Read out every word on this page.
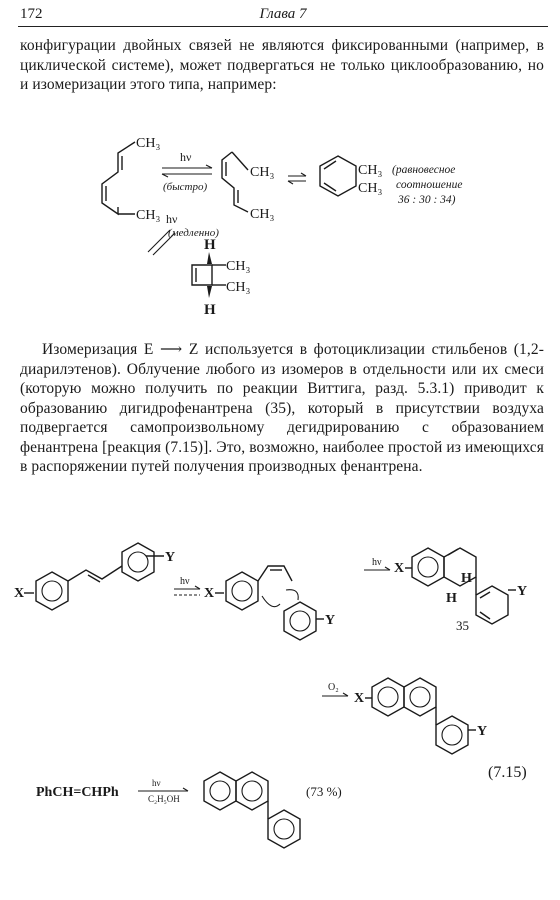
172	Глава 7
конфигурации двойных связей не являются фиксированными (например, в циклической системе), может подвергаться не только циклообразованию, но и изомеризации этого типа, например:
Изомеризация E ⟶ Z используется в фотоциклизации стильбенов (1,2-диарилэтенов). Облучение любого из изомеров в отдельности или их смеси (которую можно получить по реакции Виттига, разд. 5.3.1) приводит к образованию дигидрофенантрена (35), который в присутствии воздуха подвергается самопроизвольному дегидрированию с образованием фенантрена [реакция (7.15)]. Это, возможно, наиболее простой из имеющихся в распоряжении путей получения производных фенантрена.
CH₃
CH₃
hν
(быстро)
CH₃
CH₃
CH₃
CH₃
(равновесное
соотношение
36 : 30 : 34)
hν
(медленно)
H
CH₃
CH₃
H
X
Y
hν
X
Y
hν X
Y
H
H
35
O₂
X
Y
(7.15)
PhCH=CHPh
hν
C₂H₅OH	(73 %)
